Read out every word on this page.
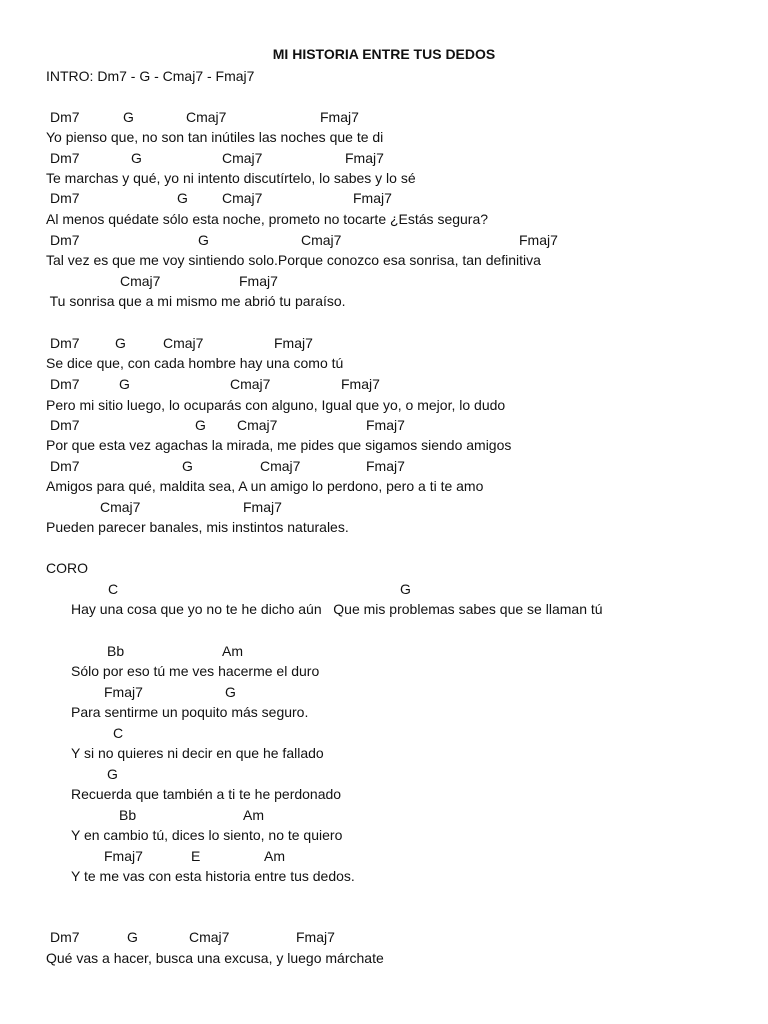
MI HISTORIA ENTRE TUS DEDOS
INTRO: Dm7 - G - Cmaj7 - Fmaj7
Dm7	G	Cmaj7	Fmaj7
Yo pienso que, no son tan inútiles las noches que te di
Dm7	G	Cmaj7	Fmaj7
Te marchas y qué, yo ni intento discutírtelo, lo sabes y lo sé
Dm7	G Cmaj7	Fmaj7
Al menos quédate sólo esta noche, prometo no tocarte ¿Estás segura?
Dm7	G	Cmaj7	Fmaj7
Tal vez es que me voy sintiendo solo.Porque conozco esa sonrisa, tan definitiva
Cmaj7	Fmaj7
Tu sonrisa que a mi mismo me abrió tu paraíso.
Dm7	G	Cmaj7	Fmaj7
Se dice que, con cada hombre hay una como tú
Dm7	G	Cmaj7	Fmaj7
Pero mi sitio luego, lo ocuparás con alguno, Igual que yo, o mejor, lo dudo
Dm7	G Cmaj7	Fmaj7
Por que esta vez agachas la mirada, me pides que sigamos siendo amigos
Dm7	G	Cmaj7	Fmaj7
Amigos para qué, maldita sea, A un amigo lo perdono, pero a ti te amo
Cmaj7	Fmaj7
Pueden parecer banales, mis instintos naturales.
CORO
C	G
Hay una cosa que yo no te he dicho aún   Que mis problemas sabes que se llaman tú
Bb	Am
Sólo por eso tú me ves hacerme el duro
Fmaj7	G
Para sentirme un poquito más seguro.
C
Y si no quieres ni decir en que he fallado
G
Recuerda que también a ti te he perdonado
Bb	Am
Y en cambio tú, dices lo siento, no te quiero
Fmaj7	E	Am
Y te me vas con esta historia entre tus dedos.
Dm7	G	Cmaj7	Fmaj7
Qué vas a hacer, busca una excusa, y luego márchate
